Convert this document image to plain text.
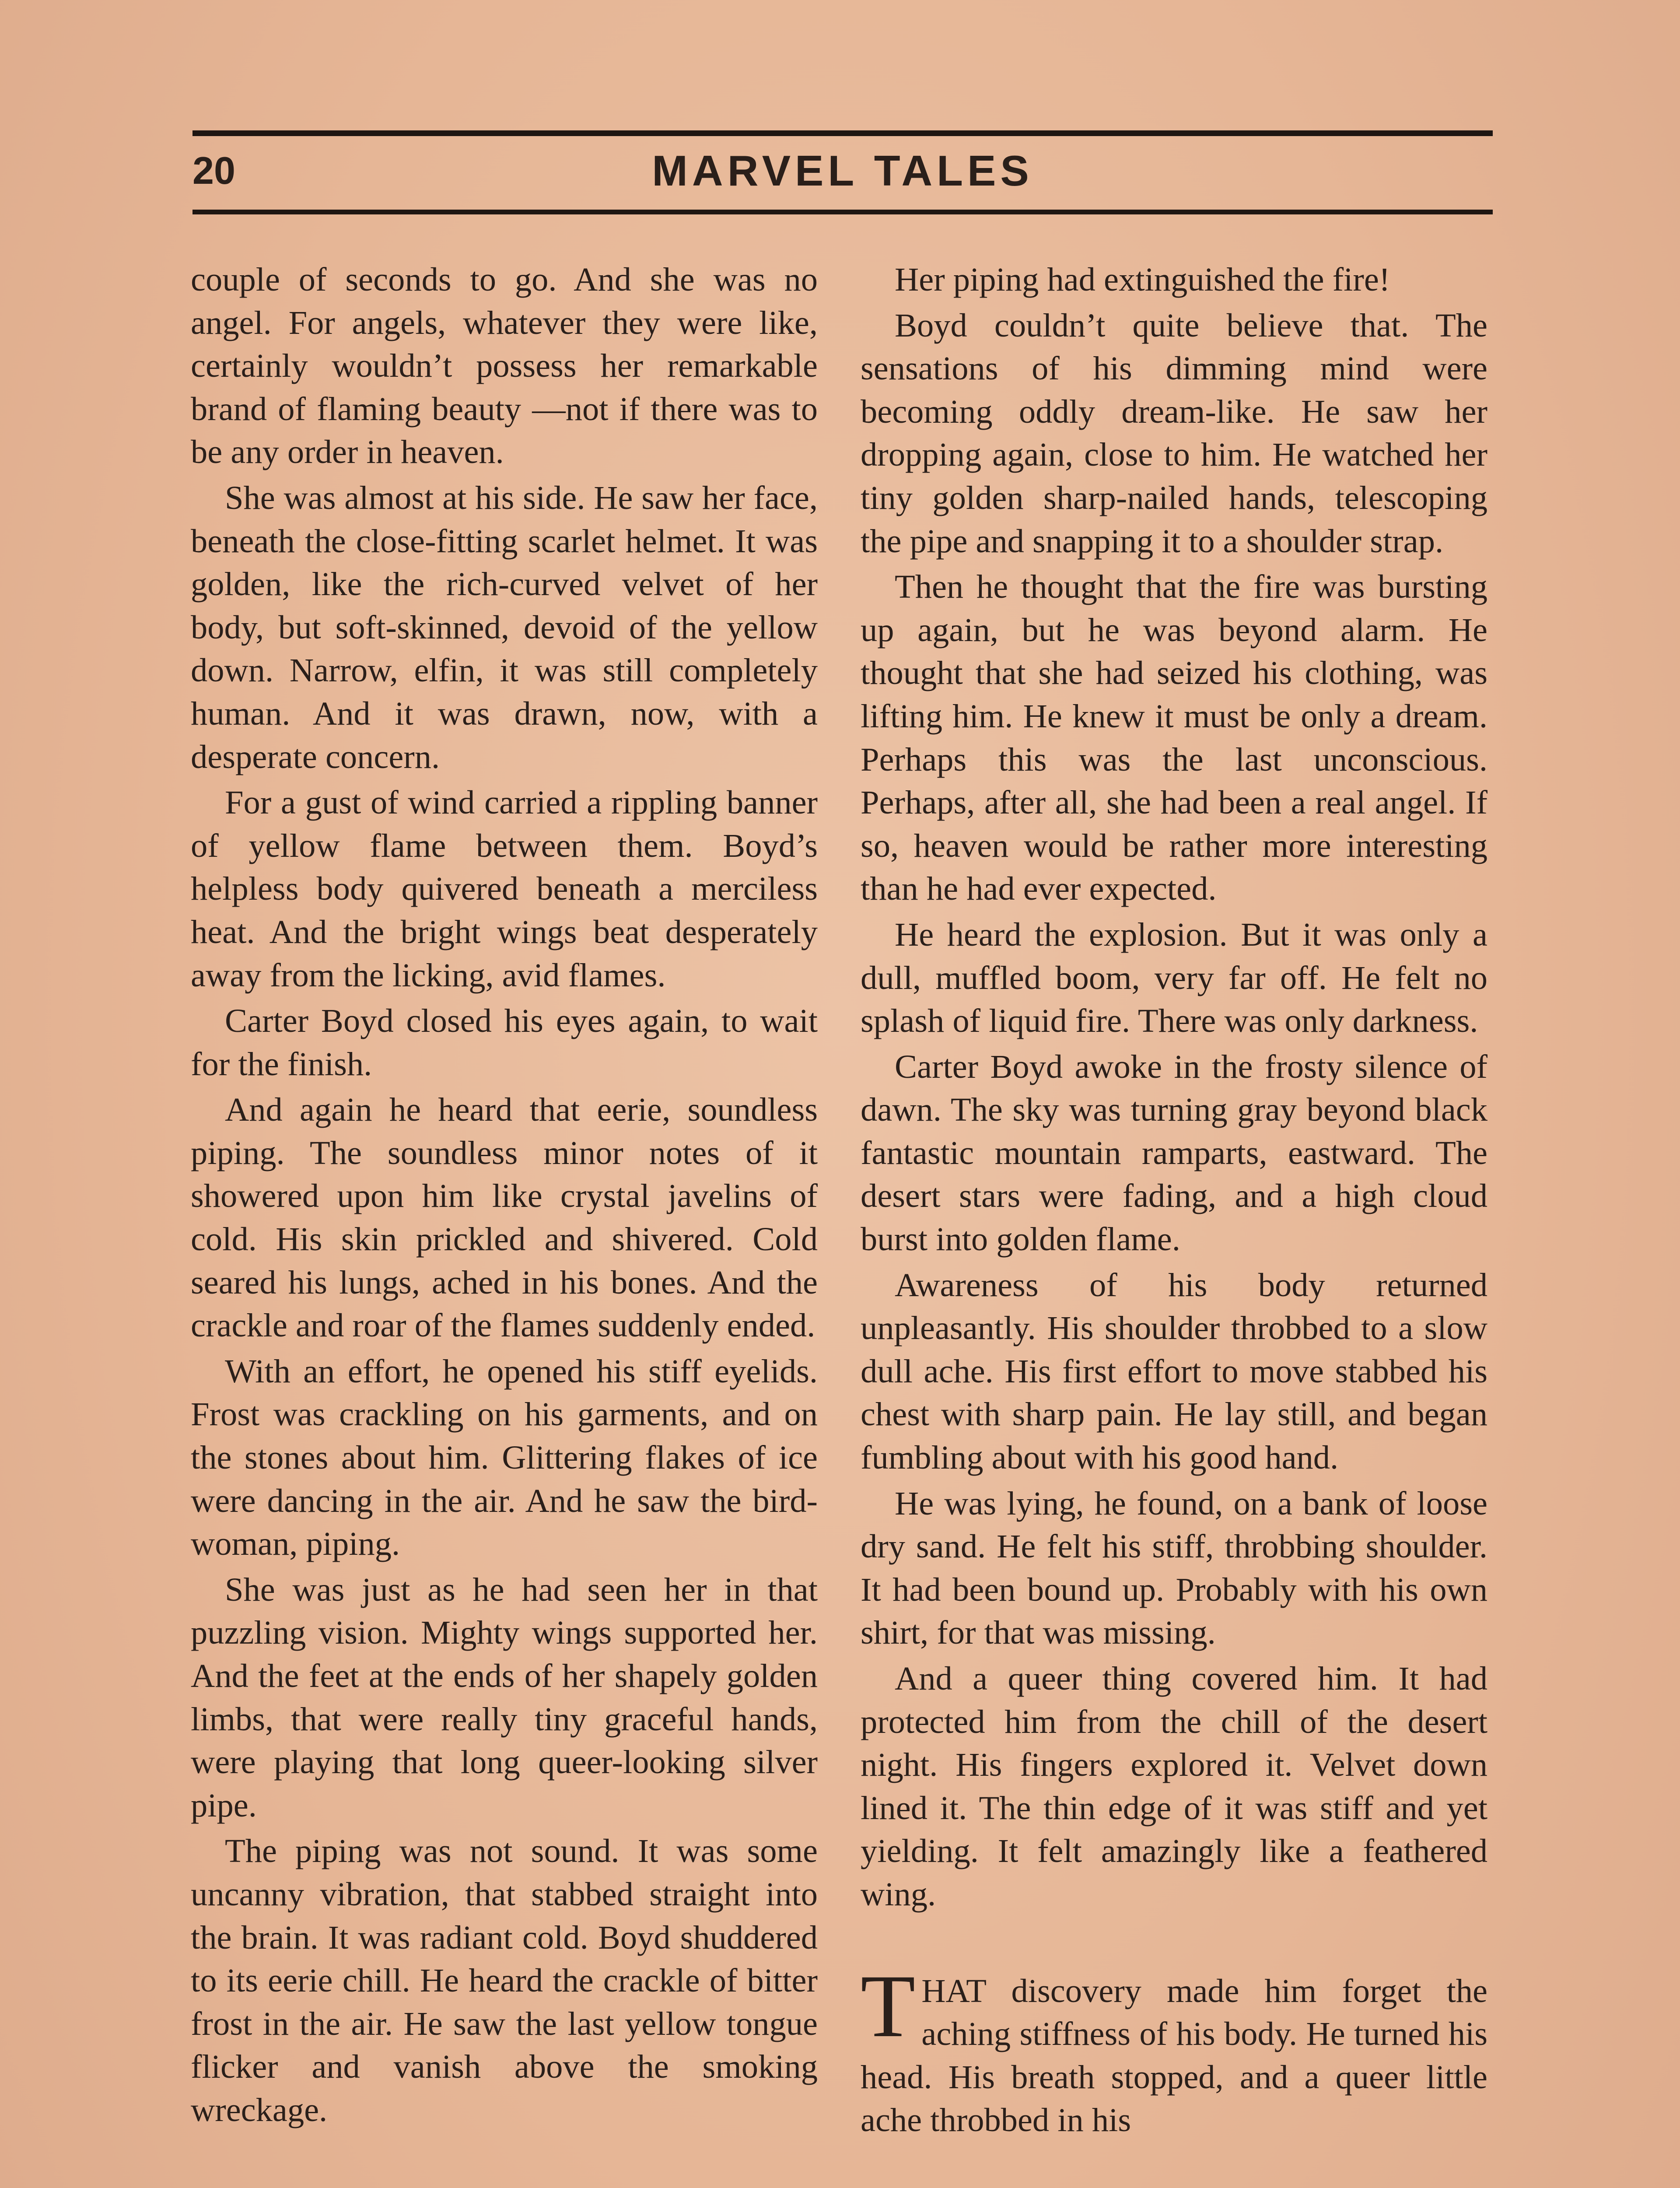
20	MARVEL TALES

couple of seconds to go. And she was no angel. For angels, whatever they were like, certainly wouldn’t possess her remarkable brand of flaming beauty —not if there was to be any order in heaven.

She was almost at his side. He saw her face, beneath the close-fitting scarlet helmet. It was golden, like the rich-curved velvet of her body, but soft-skinned, devoid of the yellow down. Narrow, elfin, it was still completely human. And it was drawn, now, with a desperate concern.

For a gust of wind carried a rippling banner of yellow flame between them. Boyd’s helpless body quivered beneath a merciless heat. And the bright wings beat desperately away from the licking, avid flames.

Carter Boyd closed his eyes again, to wait for the finish.

And again he heard that eerie, soundless piping. The soundless minor notes of it showered upon him like crystal javelins of cold. His skin prickled and shivered. Cold seared his lungs, ached in his bones. And the crackle and roar of the flames suddenly ended.

With an effort, he opened his stiff eyelids. Frost was crackling on his garments, and on the stones about him. Glittering flakes of ice were dancing in the air. And he saw the bird-woman, piping.

She was just as he had seen her in that puzzling vision. Mighty wings supported her. And the feet at the ends of her shapely golden limbs, that were really tiny graceful hands, were playing that long queer-looking silver pipe.

The piping was not sound. It was some uncanny vibration, that stabbed straight into the brain. It was radiant cold. Boyd shuddered to its eerie chill. He heard the crackle of bitter frost in the air. He saw the last yellow tongue flicker and vanish above the smoking wreckage.

Her piping had extinguished the fire!

Boyd couldn’t quite believe that. The sensations of his dimming mind were becoming oddly dream-like. He saw her dropping again, close to him. He watched her tiny golden sharp-nailed hands, telescoping the pipe and snapping it to a shoulder strap.

Then he thought that the fire was bursting up again, but he was beyond alarm. He thought that she had seized his clothing, was lifting him. He knew it must be only a dream. Perhaps this was the last unconscious. Perhaps, after all, she had been a real angel. If so, heaven would be rather more interesting than he had ever expected.

He heard the explosion. But it was only a dull, muffled boom, very far off. He felt no splash of liquid fire. There was only darkness.

Carter Boyd awoke in the frosty silence of dawn. The sky was turning gray beyond black fantastic mountain ramparts, eastward. The desert stars were fading, and a high cloud burst into golden flame.

Awareness of his body returned unpleasantly. His shoulder throbbed to a slow dull ache. His first effort to move stabbed his chest with sharp pain. He lay still, and began fumbling about with his good hand.

He was lying, he found, on a bank of loose dry sand. He felt his stiff, throbbing shoulder. It had been bound up. Probably with his own shirt, for that was missing.

And a queer thing covered him. It had protected him from the chill of the desert night. His fingers explored it. Velvet down lined it. The thin edge of it was stiff and yet yielding. It felt amazingly like a feathered wing.

THAT discovery made him forget the aching stiffness of his body. He turned his head. His breath stopped, and a queer little ache throbbed in his
